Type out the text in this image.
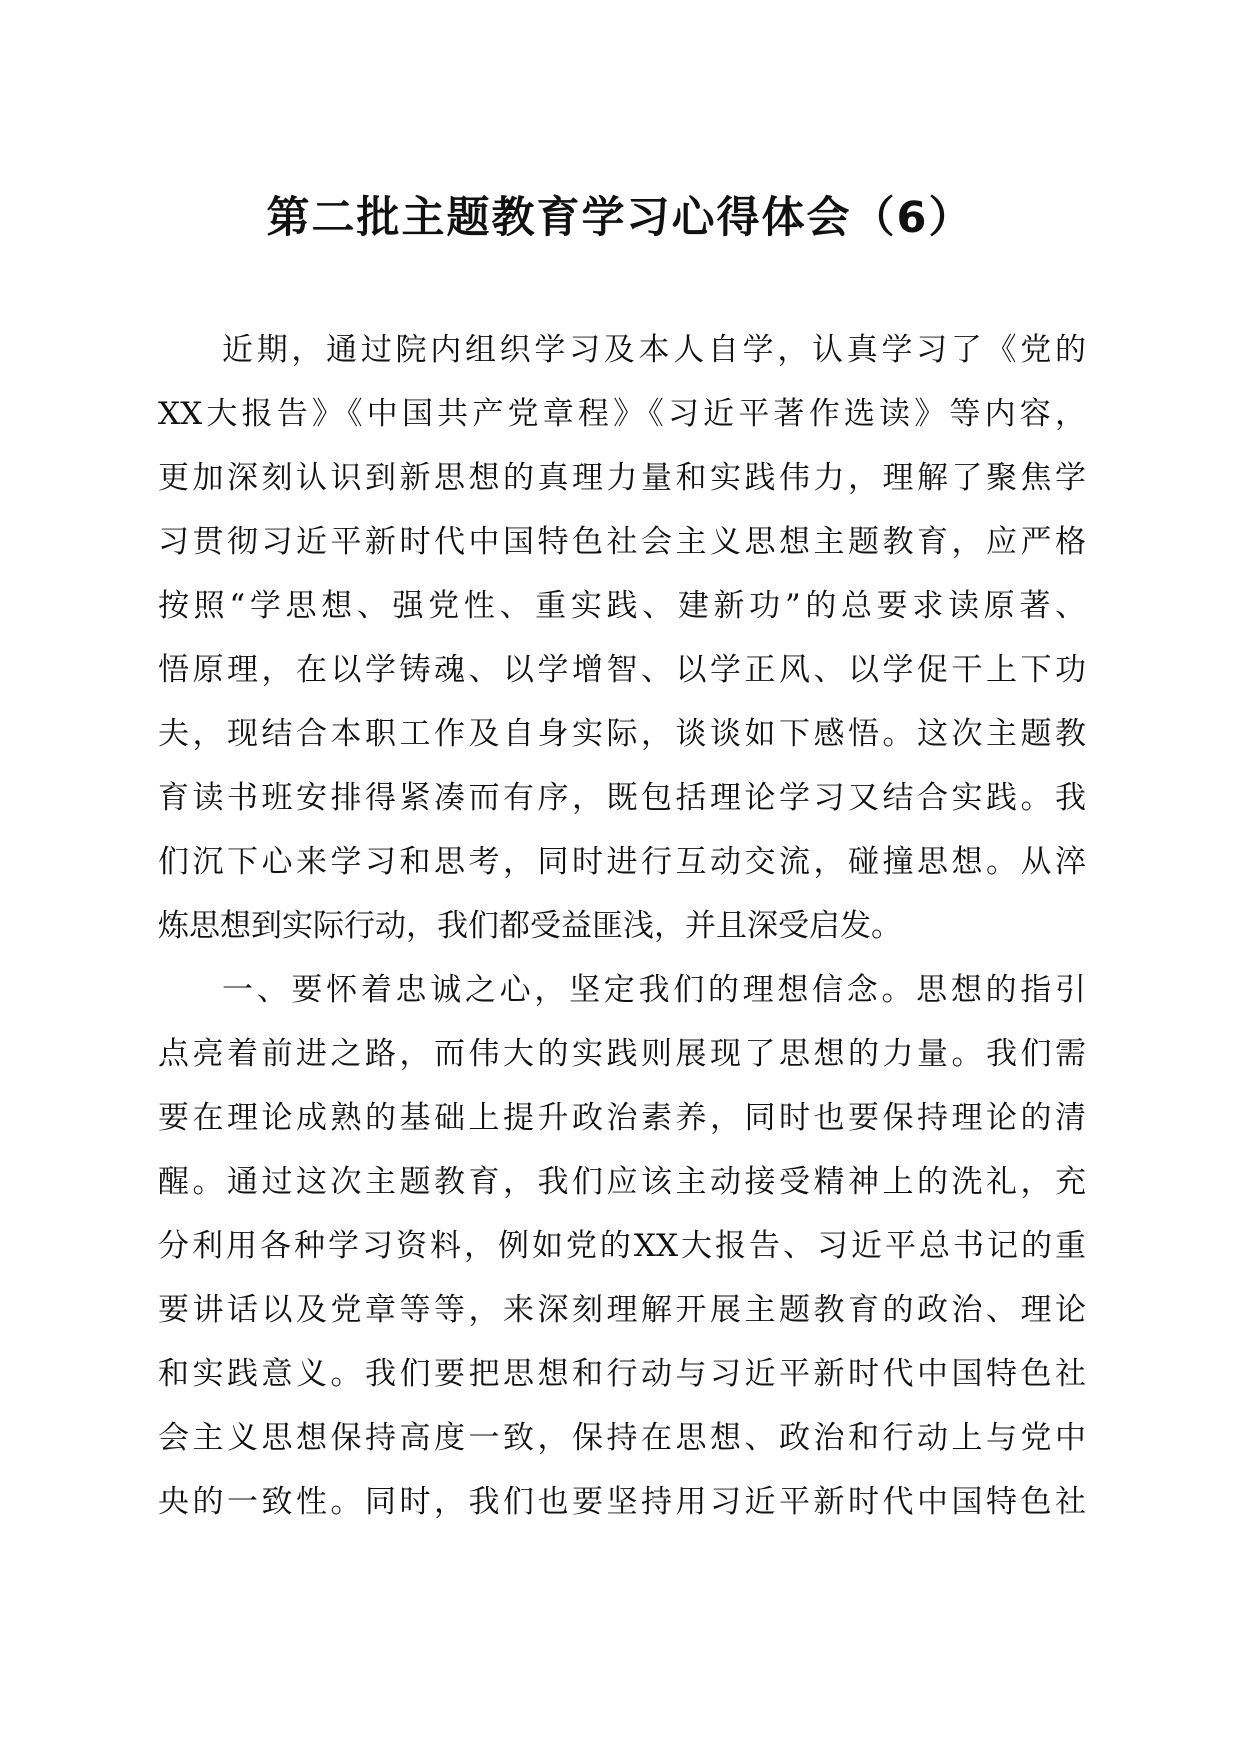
第二批主题教育学习心得体会（6）

近期，通过院内组织学习及本人自学，认真学习了《党的

XX大报告》《中国共产党章程》《习近平著作选读》等内容，

更加深刻认识到新思想的真理力量和实践伟力，理解了聚焦学

习贯彻习近平新时代中国特色社会主义思想主题教育，应严格

按照“学思想、强党性、重实践、建新功”的总要求读原著、

悟原理，在以学铸魂、以学增智、以学正风、以学促干上下功

夫，现结合本职工作及自身实际，谈谈如下感悟。这次主题教

育读书班安排得紧凑而有序，既包括理论学习又结合实践。我

们沉下心来学习和思考，同时进行互动交流，碰撞思想。从淬

炼思想到实际行动，我们都受益匪浅，并且深受启发。

一、要怀着忠诚之心，坚定我们的理想信念。思想的指引

点亮着前进之路，而伟大的实践则展现了思想的力量。我们需

要在理论成熟的基础上提升政治素养，同时也要保持理论的清

醒。通过这次主题教育，我们应该主动接受精神上的洗礼，充

分利用各种学习资料，例如党的XX大报告、习近平总书记的重

要讲话以及党章等等，来深刻理解开展主题教育的政治、理论

和实践意义。我们要把思想和行动与习近平新时代中国特色社

会主义思想保持高度一致，保持在思想、政治和行动上与党中

央的一致性。同时，我们也要坚持用习近平新时代中国特色社
